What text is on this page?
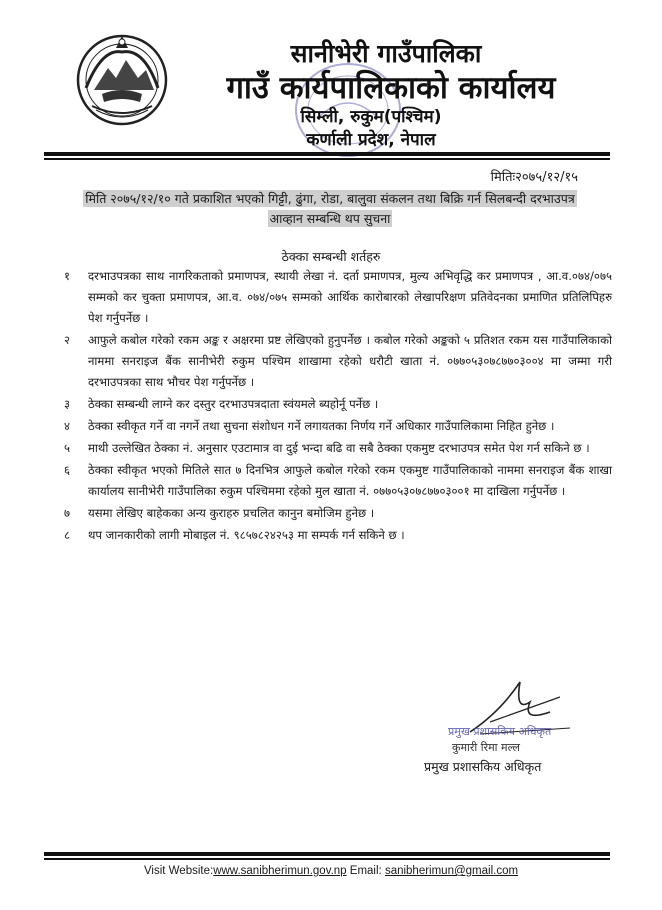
सानीभेरी गाउँपालिका
गाउँ कार्यपालिकाको कार्यालय
सिम्ली, रुकुम(पश्चिम)
कर्णाली प्रदेश, नेपाल
मितिः२०७५/१२/१५
मिति २०७५/१२/१० गते प्रकाशित भएको गिट्टी, ढुंगा, रोडा, बालुवा संकलन तथा बिक्रि गर्न सिलबन्दी दरभाउपत्र
आव्हान सम्बन्धि थप सुचना
ठेक्का सम्बन्धी शर्तहरु
१ दरभाउपत्रका साथ नागरिकताको प्रमाणपत्र, स्थायी लेखा नं. दर्ता प्रमाणपत्र, मुल्य अभिवृद्धि कर प्रमाणपत्र , आ.व.०७४/०७५ सम्मको कर चुक्ता प्रमाणपत्र, आ.व. ०७४/०७५ सम्मको आर्थिक कारोबारको लेखापरिक्षण प्रतिवेदनका प्रमाणित प्रतिलिपिहरु पेश गर्नुपर्नेछ ।
२ आफुले कबोल गरेको रकम अङ्क र अक्षरमा प्रष्ट लेखिएको हुनुपर्नेछ । कबोल गरेको अङ्कको ५ प्रतिशत रकम यस गाउँपालिकाको नाममा सनराइज बैंक सानीभेरी रुकुम पश्चिम शाखामा रहेको धरौटी खाता नं. ०७७०५३०७८७७०३००४ मा जम्मा गरी दरभाउपत्रका साथ भौचर पेश गर्नुपर्नेछ ।
३ ठेक्का सम्बन्धी लाग्ने कर दस्तुर दरभाउपत्रदाता स्वंयमले ब्यहोर्नू पर्नेछ ।
४ ठेक्का स्वीकृत गर्ने वा नगर्ने तथा सुचना संशोधन गर्ने लगायतका निर्णय गर्ने अधिकार गाउँपालिकामा निहित हुनेछ ।
५ माथी उल्लेखित ठेक्का नं. अनुसार एउटामात्र वा दुई भन्दा बढि वा सबै ठेक्का एकमुष्ट दरभाउपत्र समेत पेश गर्न सकिने छ ।
६ ठेक्का स्वीकृत भएको मितिले सात ७ दिनभित्र आफुले कबोल गरेको रकम एकमुष्ट गाउँपालिकाको नाममा सनराइज बैंक शाखा कार्यालय सानीभेरी गाउँपालिका रुकुम पश्चिममा रहेको मुल खाता नं. ०७७०५३०७८७७०३००१ मा दाखिला गर्नुपर्नेछ ।
७ यसमा लेखिए बाहेकका अन्य कुराहरु प्रचलित कानुन बमोजिम हुनेछ ।
८ थप जानकारीको लागी मोबाइल नं. ९८५७८२४२५३ मा सम्पर्क गर्न सकिने छ ।
प्रमुख प्रशासकिय अधिकृत
कुमारी रिमा मल्ल
प्रमुख प्रशासकिय अधिकृत
Visit Website:www.sanibherimun.gov.np Email: sanibherimun@gmail.com
